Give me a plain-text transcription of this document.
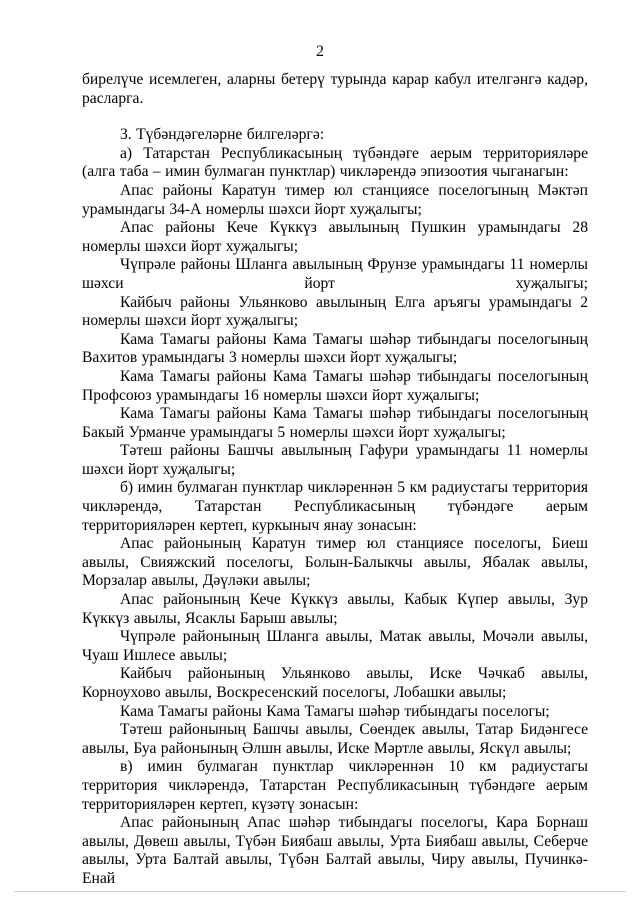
2

бирелүче исемлеген, аларны бетерү турында карар кабул ителгәнгә кадәр, расларга.

3. Түбәндәгеләрне билгеләргә:

а) Татарстан Республикасының түбәндәге аерым территорияләре (алга таба – имин булмаган пунктлар) чикләрендә эпизоотия чыганагын:

Апас районы Каратун тимер юл станциясе поселогының Мәктәп урамындагы 34-А номерлы шәхси йорт хуҗалыгы;

Апас районы Кече Күккүз авылының Пушкин урамындагы 28 номерлы шәхси йорт хуҗалыгы;

Чүпрәле районы Шланга авылының Фрунзе урамындагы 11 номерлы шәхси йорт хуҗалыгы;

Кайбыч районы Ульянково авылының Елга аръягы урамындагы 2 номерлы шәхси йорт хуҗалыгы;

Кама Тамагы районы Кама Тамагы шәһәр тибындагы поселогының Вахитов урамындагы 3 номерлы шәхси йорт хуҗалыгы;

Кама Тамагы районы Кама Тамагы шәһәр тибындагы поселогының Профсоюз урамындагы 16 номерлы шәхси йорт хуҗалыгы;

Кама Тамагы районы Кама Тамагы шәһәр тибындагы поселогының Бакый Урманче урамындагы 5 номерлы шәхси йорт хуҗалыгы;

Тәтеш районы Башчы авылының Гафури урамындагы 11 номерлы шәхси йорт хуҗалыгы;

б) имин булмаган пунктлар чикләреннән 5 км радиустагы территория чикләрендә, Татарстан Республикасының түбәндәге аерым территорияләрен кертеп, куркыныч янау зонасын:

Апас районының Каратун тимер юл станциясе поселогы, Биеш авылы, Свияжский поселогы, Болын-Балыкчы авылы, Ябалак авылы, Морзалар авылы, Дәүләки авылы;

Апас районының Кече Күккүз авылы, Кабык Күпер авылы, Зур Күккүз авылы, Ясаклы Барыш авылы;

Чүпрәле районының Шланга авылы, Матак авылы, Мочәли авылы, Чуаш Ишлесе авылы;

Кайбыч районының Ульянково авылы, Иске Чәчкаб авылы, Корноухово авылы, Воскресенский поселогы, Лобашки авылы;

Кама Тамагы районы Кама Тамагы шәһәр тибындагы поселогы;

Тәтеш районының Башчы авылы, Сөендек авылы, Татар Бидәнгесе авылы, Буа районының Әлшн авылы, Иске Мәртле авылы, Яскүл авылы;

в) имин булмаган пунктлар чикләреннән 10 км радиустагы территория чикләрендә, Татарстан Республикасының түбәндәге аерым территорияләрен кертеп, күзәтү зонасын:

Апас районының Апас шәһәр тибындагы поселогы, Кара Борнаш авылы, Дөвеш авылы, Түбән Биябаш авылы, Урта Биябаш авылы, Себерче авылы, Урта Балтай авылы, Түбән Балтай авылы, Чиру авылы, Пучинкә-Енай
